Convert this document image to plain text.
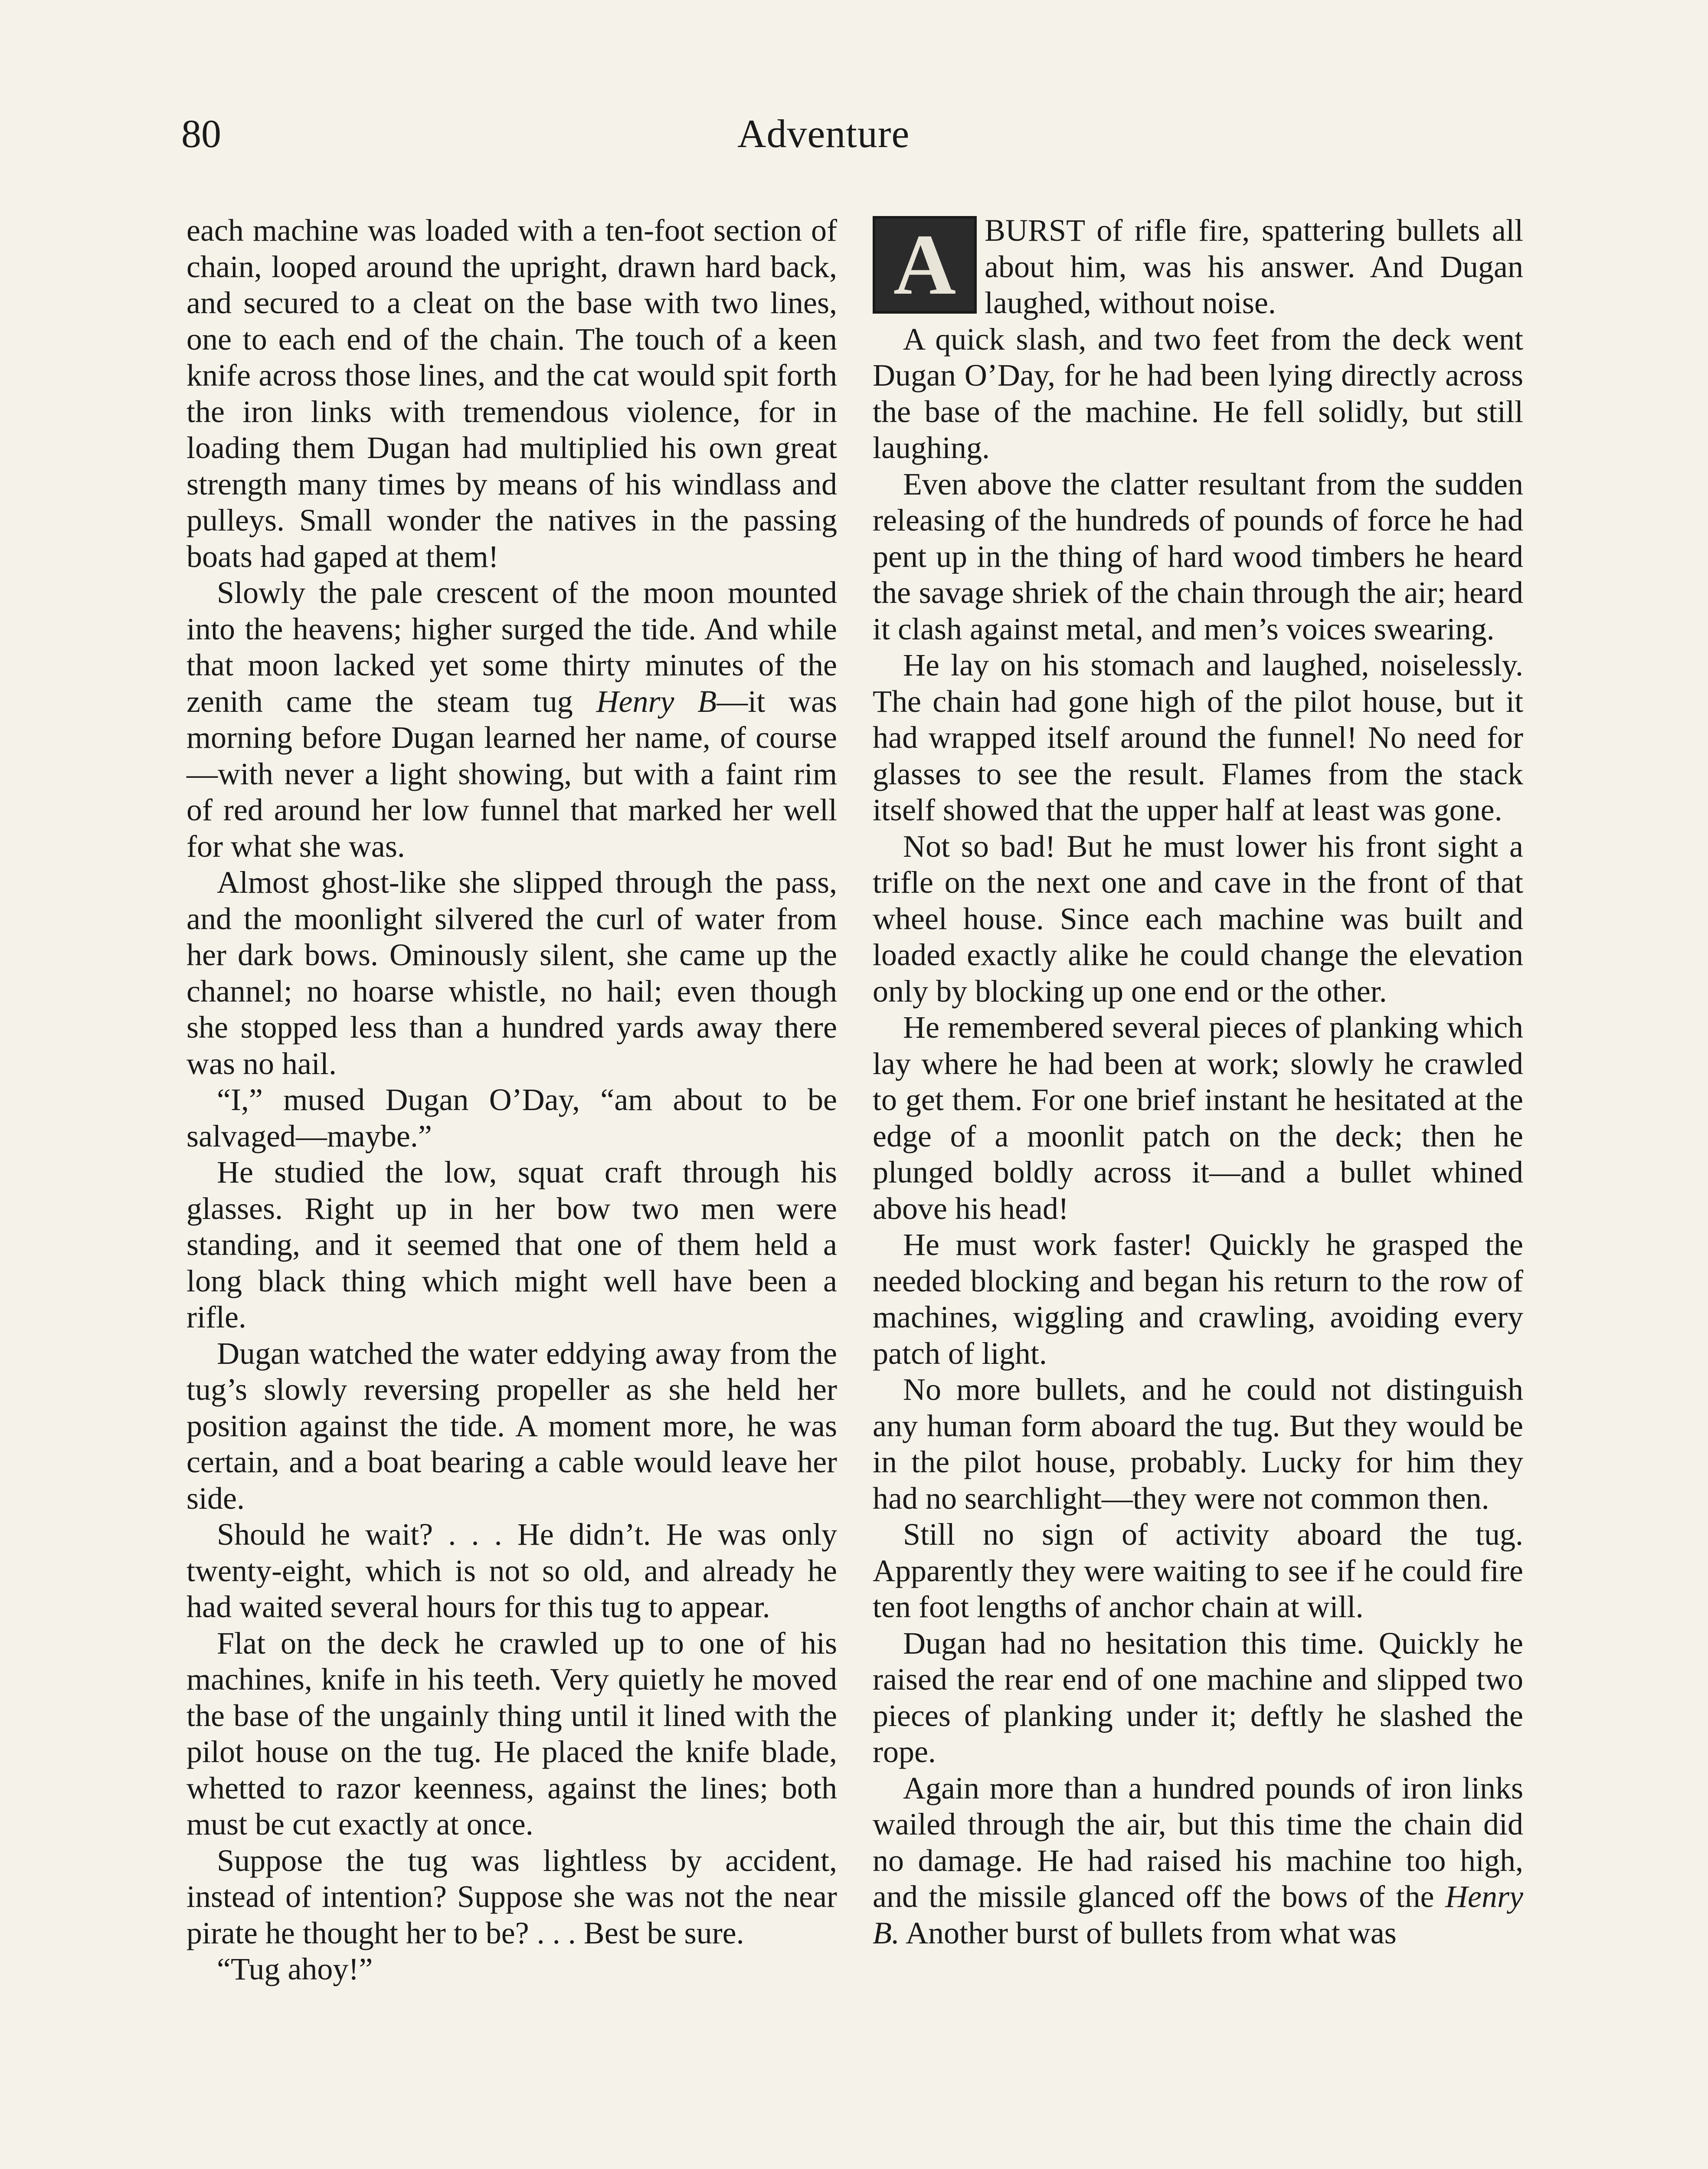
80	Adventure

each machine was loaded with a ten-foot section of chain, looped around the upright, drawn hard back, and secured to a cleat on the base with two lines, one to each end of the chain. The touch of a keen knife across those lines, and the cat would spit forth the iron links with tremendous violence, for in loading them Dugan had multiplied his own great strength many times by means of his windlass and pulleys. Small wonder the natives in the passing boats had gaped at them!

Slowly the pale crescent of the moon mounted into the heavens; higher surged the tide. And while that moon lacked yet some thirty minutes of the zenith came the steam tug Henry B—it was morning before Dugan learned her name, of course—with never a light showing, but with a faint rim of red around her low funnel that marked her well for what she was.

Almost ghost-like she slipped through the pass, and the moonlight silvered the curl of water from her dark bows. Ominously silent, she came up the channel; no hoarse whistle, no hail; even though she stopped less than a hundred yards away there was no hail.

“I,” mused Dugan O’Day, “am about to be salvaged—maybe.”

He studied the low, squat craft through his glasses. Right up in her bow two men were standing, and it seemed that one of them held a long black thing which might well have been a rifle.

Dugan watched the water eddying away from the tug’s slowly reversing propeller as she held her position against the tide. A moment more, he was certain, and a boat bearing a cable would leave her side.

Should he wait? . . . He didn’t. He was only twenty-eight, which is not so old, and already he had waited several hours for this tug to appear.

Flat on the deck he crawled up to one of his machines, knife in his teeth. Very quietly he moved the base of the ungainly thing until it lined with the pilot house on the tug. He placed the knife blade, whetted to razor keenness, against the lines; both must be cut exactly at once.

Suppose the tug was lightless by accident, instead of intention? Suppose she was not the near pirate he thought her to be? . . . Best be sure.

“Tug ahoy!”

A BURST of rifle fire, spattering bullets all about him, was his answer. And Dugan laughed, without noise.

A quick slash, and two feet from the deck went Dugan O’Day, for he had been lying directly across the base of the machine. He fell solidly, but still laughing.

Even above the clatter resultant from the sudden releasing of the hundreds of pounds of force he had pent up in the thing of hard wood timbers he heard the savage shriek of the chain through the air; heard it clash against metal, and men’s voices swearing.

He lay on his stomach and laughed, noiselessly. The chain had gone high of the pilot house, but it had wrapped itself around the funnel! No need for glasses to see the result. Flames from the stack itself showed that the upper half at least was gone.

Not so bad! But he must lower his front sight a trifle on the next one and cave in the front of that wheel house. Since each machine was built and loaded exactly alike he could change the elevation only by blocking up one end or the other.

He remembered several pieces of planking which lay where he had been at work; slowly he crawled to get them. For one brief instant he hesitated at the edge of a moonlit patch on the deck; then he plunged boldly across it—and a bullet whined above his head!

He must work faster! Quickly he grasped the needed blocking and began his return to the row of machines, wiggling and crawling, avoiding every patch of light.

No more bullets, and he could not distinguish any human form aboard the tug. But they would be in the pilot house, probably. Lucky for him they had no searchlight—they were not common then.

Still no sign of activity aboard the tug. Apparently they were waiting to see if he could fire ten foot lengths of anchor chain at will.

Dugan had no hesitation this time. Quickly he raised the rear end of one machine and slipped two pieces of planking under it; deftly he slashed the rope.

Again more than a hundred pounds of iron links wailed through the air, but this time the chain did no damage. He had raised his machine too high, and the missile glanced off the bows of the Henry B. Another burst of bullets from what was
